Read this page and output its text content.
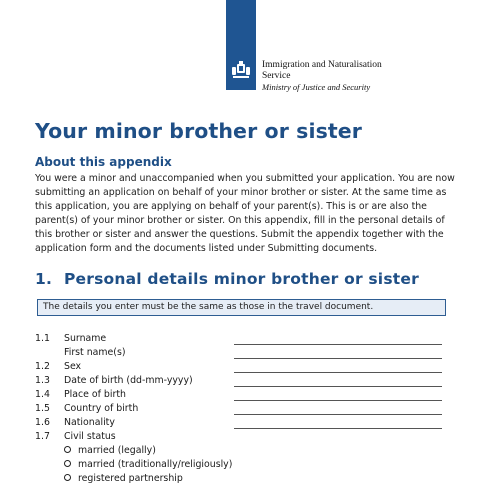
Immigration and Naturalisation
Service
Ministry of Justice and Security
Your minor brother or sister
About this appendix

You were a minor and unaccompanied when you submitted your application. You are now submitting an application on behalf of your minor brother or sister. At the same time as this application, you are applying on behalf of your parent(s). This is or are also the parent(s) of your minor brother or sister. On this appendix, fill in the personal details of this brother or sister and answer the questions. Submit the appendix together with the application form and the documents listed under Submitting documents.

1. Personal details minor brother or sister
The details you enter must be the same as those in the travel document.
1.1 Surname
First name(s)
1.2 Sex
1.3 Date of birth (dd-mm-yyyy)
1.4 Place of birth
1.5 Country of birth
1.6 Nationality
1.7 Civil status
married (legally)
married (traditionally/religiously)
registered partnership
